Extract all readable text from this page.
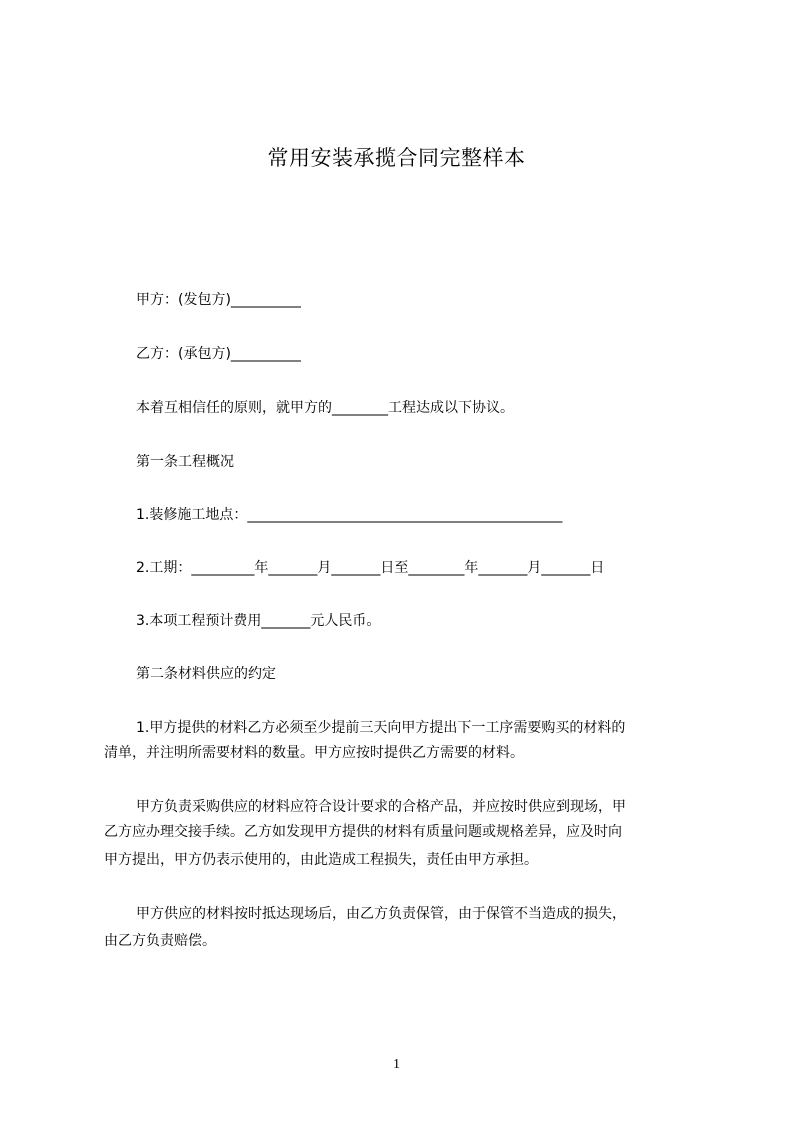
常用安装承揽合同完整样本
甲方：(发包方)__________
乙方：(承包方)__________
本着互相信任的原则，就甲方的________工程达成以下协议。
第一条工程概况
1.装修施工地点：_____________________________________________
2.工期：_________年_______月_______日至________年_______月_______日
3.本项工程预计费用_______元人民币。
第二条材料供应的约定
1.甲方提供的材料乙方必须至少提前三天向甲方提出下一工序需要购买的材料的
清单，并注明所需要材料的数量。甲方应按时提供乙方需要的材料。
甲方负责采购供应的材料应符合设计要求的合格产品，并应按时供应到现场，甲
乙方应办理交接手续。乙方如发现甲方提供的材料有质量问题或规格差异，应及时向
甲方提出，甲方仍表示使用的，由此造成工程损失，责任由甲方承担。
甲方供应的材料按时抵达现场后，由乙方负责保管，由于保管不当造成的损失，
由乙方负责赔偿。
1
